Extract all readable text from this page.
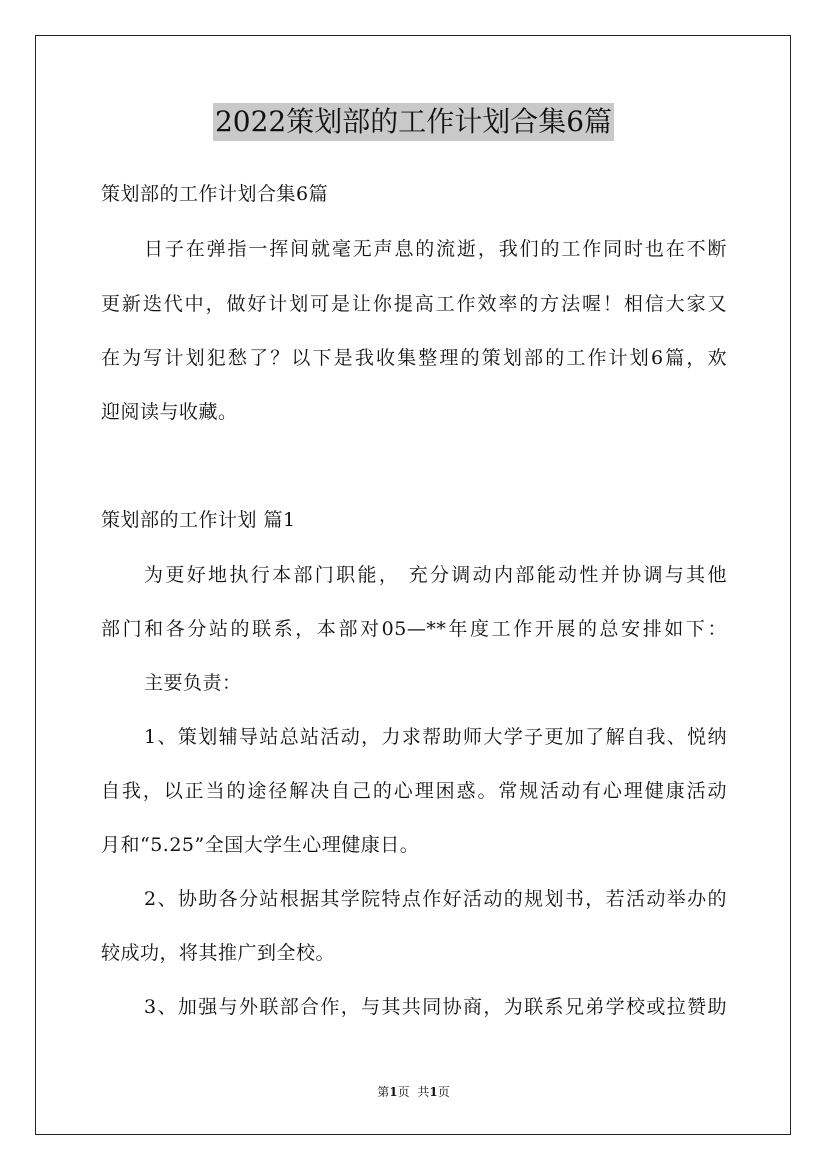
2022策划部的工作计划合集6篇
策划部的工作计划合集6篇
日子在弹指一挥间就毫无声息的流逝，我们的工作同时也在不断
更新迭代中，做好计划可是让你提高工作效率的方法喔！相信大家又
在为写计划犯愁了？以下是我收集整理的策划部的工作计划6篇，欢
迎阅读与收藏。
策划部的工作计划 篇1
为更好地执行本部门职能， 充分调动内部能动性并协调与其他
部门和各分站的联系，本部对05—**年度工作开展的总安排如下：
主要负责：
1、策划辅导站总站活动，力求帮助师大学子更加了解自我、悦纳
自我，以正当的途径解决自己的心理困惑。常规活动有心理健康活动
月和“5.25”全国大学生心理健康日。
2、协助各分站根据其学院特点作好活动的规划书，若活动举办的
较成功，将其推广到全校。
3、加强与外联部合作，与其共同协商，为联系兄弟学校或拉赞助
第1页 共1页
